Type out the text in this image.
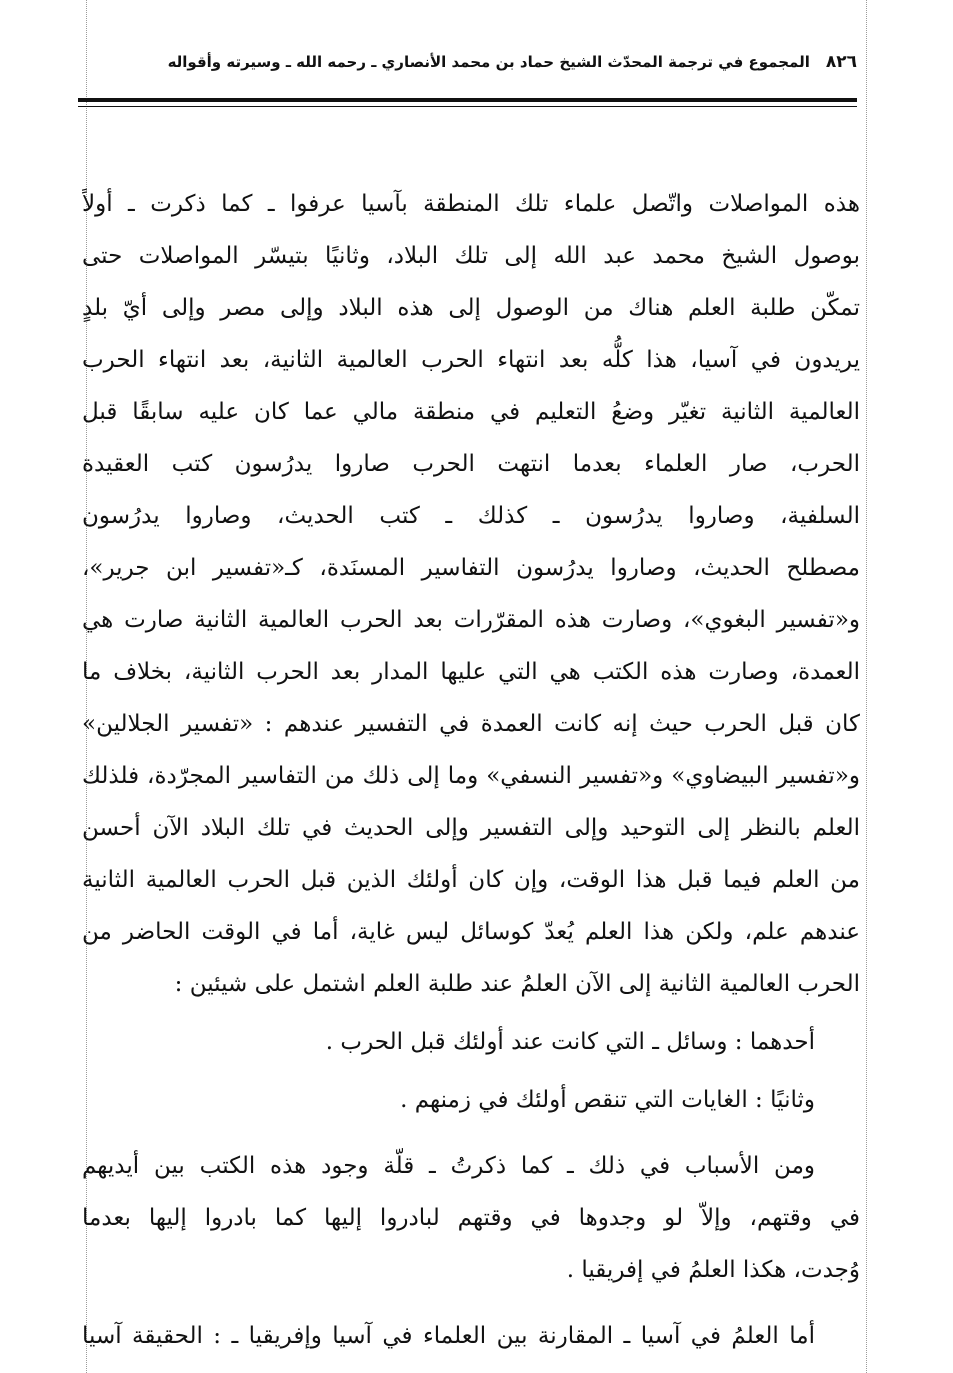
٨٢٦
المجموع في ترجمة المحدّث الشيخ حماد بن محمد الأنصاري ـ رحمه الله ـ وسيرته وأقواله
هذه المواصلات واتّصل علماء تلك المنطقة بآسيا عرفوا ـ كما ذكرت ـ أولاً
بوصول الشيخ محمد عبد الله إلى تلك البلاد، وثانيًا بتيسّر المواصلات حتى
تمكّن طلبة العلم هناك من الوصول إلى هذه البلاد وإلى مصر وإلى أيّ بلدٍ
يريدون في آسيا، هذا كلُّه بعد انتهاء الحرب العالمية الثانية، بعد انتهاء الحرب
العالمية الثانية تغيّر وضعُ التعليم في منطقة مالي عما كان عليه سابقًا قبل
الحرب، صار العلماء بعدما انتهت الحرب صاروا يدرُسون كتب العقيدة
السلفية، وصاروا يدرُسون ـ كذلك ـ كتب الحديث، وصاروا يدرُسون
مصطلح الحديث، وصاروا يدرُسون التفاسير المسنَدة، كـ«تفسير ابن جرير»،
و«تفسير البغوي»، وصارت هذه المقرّرات بعد الحرب العالمية الثانية صارت هي
العمدة، وصارت هذه الكتب هي التي عليها المدار بعد الحرب الثانية، بخلاف ما
كان قبل الحرب حيث إنه كانت العمدة في التفسير عندهم : «تفسير الجلالين»
و«تفسير البيضاوي» و«تفسير النسفي» وما إلى ذلك من التفاسير المجرّدة، فلذلك
العلم بالنظر إلى التوحيد وإلى التفسير وإلى الحديث في تلك البلاد الآن أحسن
من العلم فيما قبل هذا الوقت، وإن كان أولئك الذين قبل الحرب العالمية الثانية
عندهم علم، ولكن هذا العلم يُعدّ كوسائل ليس غاية، أما في الوقت الحاضر من
الحرب العالمية الثانية إلى الآن العلمُ عند طلبة العلم اشتمل على شيئين :
أحدهما : وسائل ـ التي كانت عند أولئك قبل الحرب .
وثانيًا : الغايات التي تنقص أولئك في زمنهم .
ومن الأسباب في ذلك ـ كما ذكرتُ ـ قلّة وجود هذه الكتب بين أيديهم
في وقتهم، وإلاّ لو وجدوها في وقتهم لبادروا إليها كما بادروا إليها بعدما
وُجدت، هكذا العلمُ في إفريقيا .
أما العلمُ في آسيا ـ المقارنة بين العلماء في آسيا وإفريقيا ـ : الحقيقة آسيا
